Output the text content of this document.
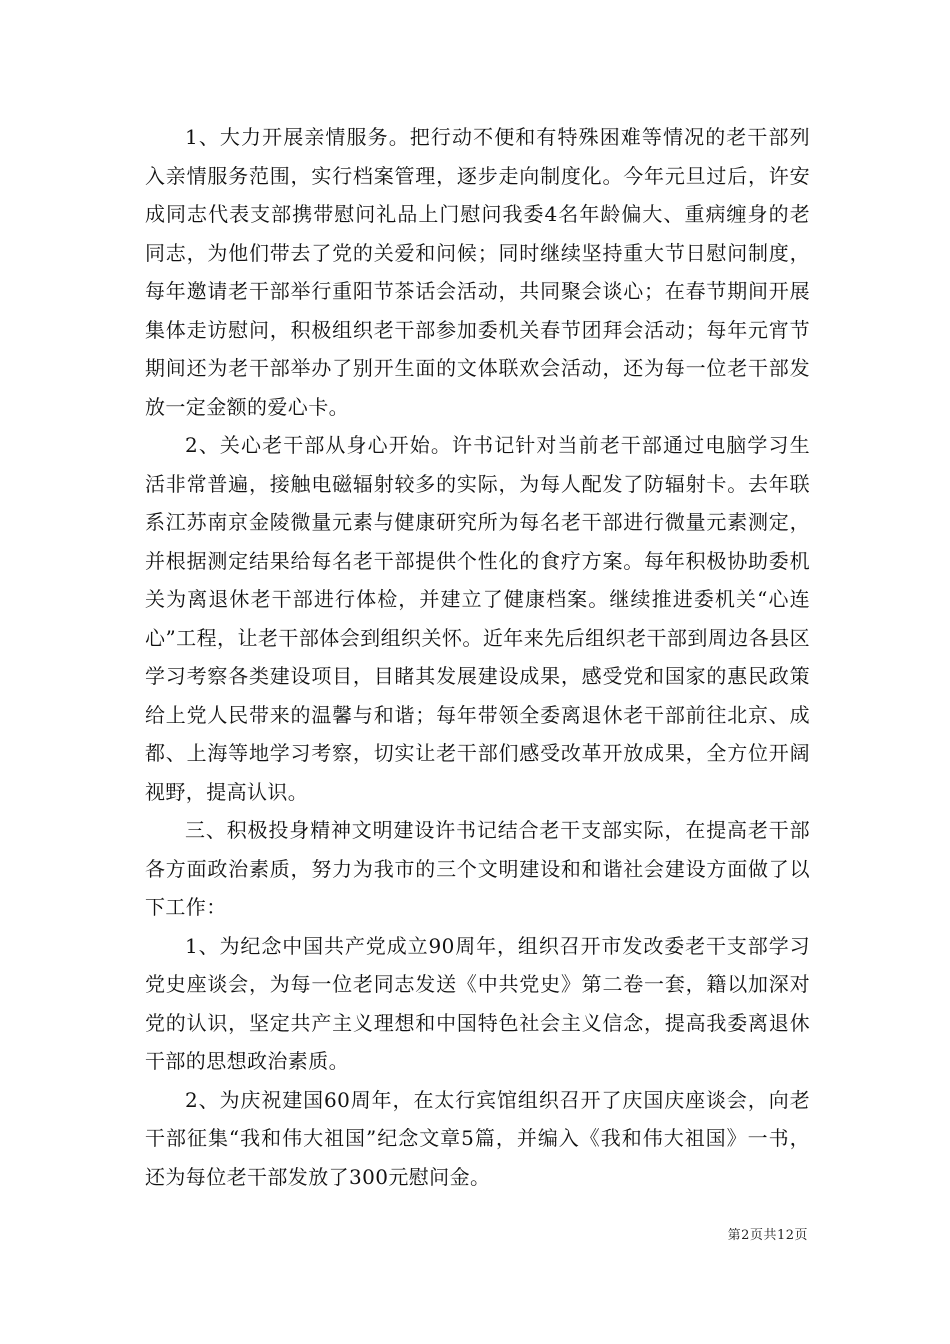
1、大力开展亲情服务。把行动不便和有特殊困难等情况的老干部列入亲情服务范围，实行档案管理，逐步走向制度化。今年元旦过后，许安成同志代表支部携带慰问礼品上门慰问我委4名年龄偏大、重病缠身的老同志，为他们带去了党的关爱和问候；同时继续坚持重大节日慰问制度，每年邀请老干部举行重阳节茶话会活动，共同聚会谈心；在春节期间开展集体走访慰问，积极组织老干部参加委机关春节团拜会活动；每年元宵节期间还为老干部举办了别开生面的文体联欢会活动，还为每一位老干部发放一定金额的爱心卡。

2、关心老干部从身心开始。许书记针对当前老干部通过电脑学习生活非常普遍，接触电磁辐射较多的实际，为每人配发了防辐射卡。去年联系江苏南京金陵微量元素与健康研究所为每名老干部进行微量元素测定，并根据测定结果给每名老干部提供个性化的食疗方案。每年积极协助委机关为离退休老干部进行体检，并建立了健康档案。继续推进委机关“心连心”工程，让老干部体会到组织关怀。近年来先后组织老干部到周边各县区学习考察各类建设项目，目睹其发展建设成果，感受党和国家的惠民政策给上党人民带来的温馨与和谐；每年带领全委离退休老干部前往北京、成都、上海等地学习考察，切实让老干部们感受改革开放成果，全方位开阔视野，提高认识。

三、积极投身精神文明建设许书记结合老干支部实际，在提高老干部各方面政治素质，努力为我市的三个文明建设和和谐社会建设方面做了以下工作：

1、为纪念中国共产党成立90周年，组织召开市发改委老干支部学习党史座谈会，为每一位老同志发送《中共党史》第二卷一套，籍以加深对党的认识，坚定共产主义理想和中国特色社会主义信念，提高我委离退休干部的思想政治素质。

2、为庆祝建国60周年，在太行宾馆组织召开了庆国庆座谈会，向老干部征集“我和伟大祖国”纪念文章5篇，并编入《我和伟大祖国》一书，还为每位老干部发放了300元慰问金。

第2页共12页
